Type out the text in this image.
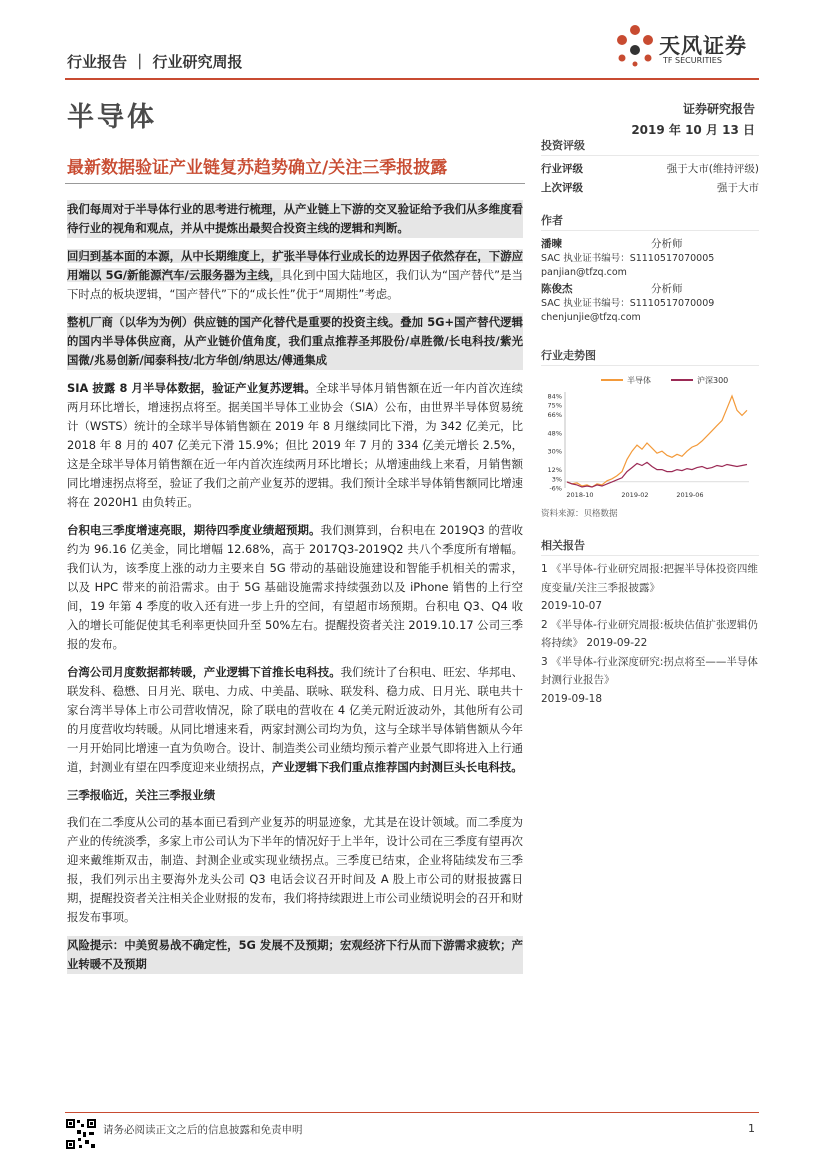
行业报告 ｜ 行业研究周报
天风证券
TF SECURITIES
半导体	证券研究报告
2019 年 10 月 13 日
最新数据验证产业链复苏趋势确立/关注三季报披露

我们每周对于半导体行业的思考进行梳理，从产业链上下游的交叉验证给予我们从多维度看待行业的视角和观点，并从中提炼出最契合投资主线的逻辑和判断。

回归到基本面的本源，从中长期维度上，扩张半导体行业成长的边界因子依然存在，下游应用端以 5G/新能源汽车/云服务器为主线，具化到中国大陆地区，我们认为“国产替代”是当下时点的板块逻辑，“国产替代”下的“成长性”优于“周期性”考虑。

整机厂商（以华为为例）供应链的国产化替代是重要的投资主线。叠加 5G+国产替代逻辑的国内半导体供应商，从产业链价值角度，我们重点推荐圣邦股份/卓胜微/长电科技/紫光国微/兆易创新/闻泰科技/北方华创/纳思达/傅通集成

SIA 披露 8 月半导体数据，验证产业复苏逻辑。全球半导体月销售额在近一年内首次连续两月环比增长，增速拐点将至。据美国半导体工业协会（SIA）公布，由世界半导体贸易统计（WSTS）统计的全球半导体销售额在 2019 年 8 月继续同比下滑，为 342 亿美元，比 2018 年 8 月的 407 亿美元下滑 15.9%；但比 2019 年 7 月的 334 亿美元增长 2.5%，这是全球半导体月销售额在近一年内首次连续两月环比增长；从增速曲线上来看，月销售额同比增速拐点将至，验证了我们之前产业复苏的逻辑。我们预计全球半导体销售额同比增速将在 2020H1 由负转正。

台积电三季度增速亮眼，期待四季度业绩超预期。我们测算到，台积电在 2019Q3 的营收约为 96.16 亿美金，同比增幅 12.68%，高于 2017Q3-2019Q2 共八个季度所有增幅。我们认为，该季度上涨的动力主要来自 5G 带动的基础设施建设和智能手机相关的需求，以及 HPC 带来的前沿需求。由于 5G 基础设施需求持续强劲以及 iPhone 销售的上行空间，19 年第 4 季度的收入还有进一步上升的空间，有望超市场预期。台积电 Q3、Q4 收入的增长可能促使其毛利率更快回升至 50%左右。提醒投资者关注 2019.10.17 公司三季报的发布。

台湾公司月度数据都转暖，产业逻辑下首推长电科技。我们统计了台积电、旺宏、华邦电、联发科、稳懋、日月光、联电、力成、中美晶、联咏、联发科、稳力成、日月光、联电共十家台湾半导体上市公司营收情况，除了联电的营收在 4 亿美元附近波动外，其他所有公司的月度营收均转暖。从同比增速来看，两家封测公司均为负，这与全球半导体销售额从今年一月开始同比增速一直为负吻合。设计、制造类公司业绩均预示着产业景气即将进入上行通道，封测业有望在四季度迎来业绩拐点，产业逻辑下我们重点推荐国内封测巨头长电科技。

三季报临近，关注三季报业绩

我们在二季度从公司的基本面已看到产业复苏的明显迹象，尤其是在设计领域。而二季度为产业的传统淡季，多家上市公司认为下半年的情况好于上半年，设计公司在三季度有望再次迎来戴维斯双击，制造、封测企业或实现业绩拐点。三季度已结束，企业将陆续发布三季报，我们列示出主要海外龙头公司 Q3 电话会议召开时间及 A 股上市公司的财报披露日期，提醒投资者关注相关企业财报的发布，我们将持续跟进上市公司业绩说明会的召开和财报发布事项。

风险提示：中美贸易战不确定性，5G 发展不及预期；宏观经济下行从而下游需求疲软；产业转暖不及预期

投资评级
行业评级	强于大市(维持评级)
上次评级	强于大市
作者
潘暕	分析师
SAC 执业证书编号：S1110517070005
panjian@tfzq.com
陈俊杰	分析师
SAC 执业证书编号：S1110517070009
chenjunjie@tfzq.com
行业走势图
半导体	沪深300
-6%
3%
12%
30%
48%
66%
75%
84%
2018-10	2019-02	2019-06
资料来源：贝格数据
相关报告
1 《半导体-行业研究周报:把握半导体投资四维度变量/关注三季报披露》
2019-10-07
2 《半导体-行业研究周报:板块估值扩张逻辑仍将持续》 2019-09-22
3 《半导体-行业深度研究:拐点将至——半导体封测行业报告》
2019-09-18
请务必阅读正文之后的信息披露和免责申明	1
